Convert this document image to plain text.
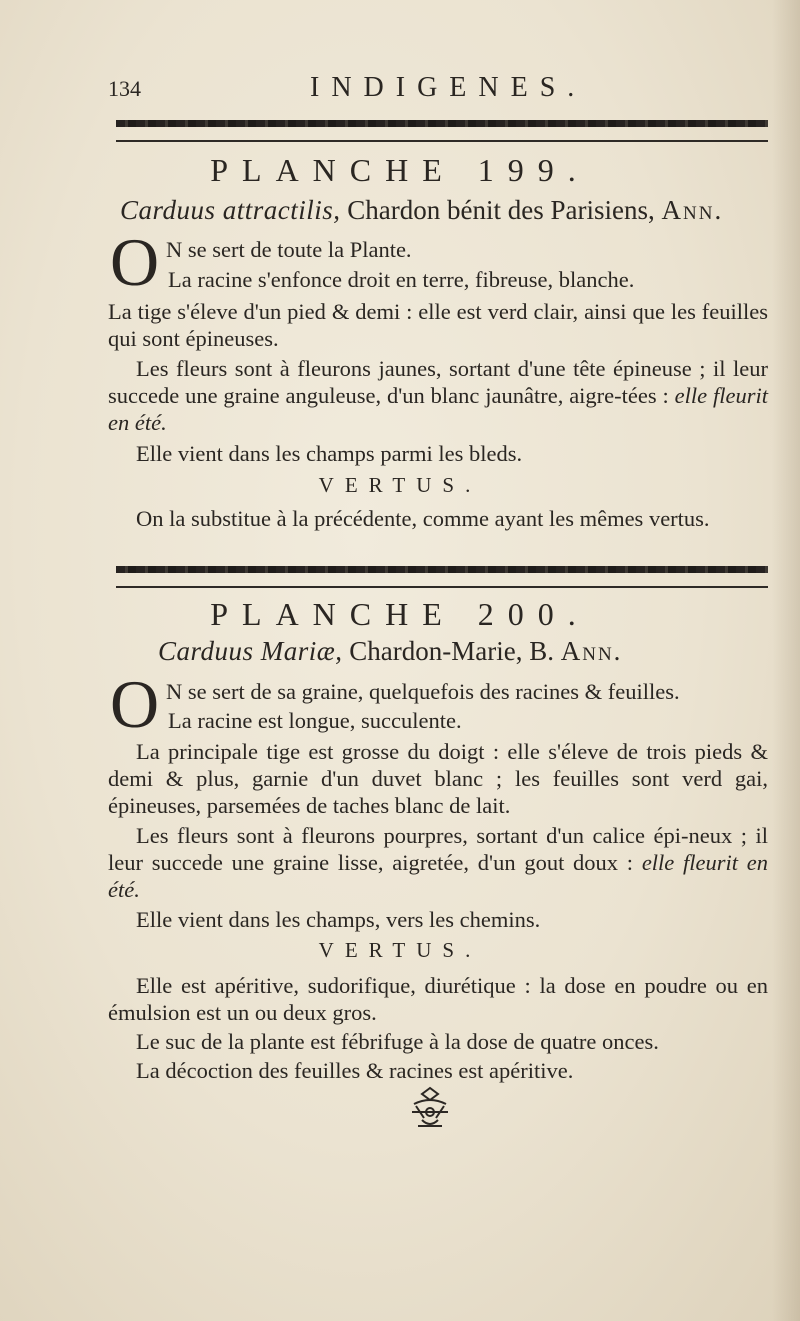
134	INDIGENES.
PLANCHE 199.
Carduus attractilis, Chardon bénit des Parisiens, Ann.
O N se sert de toute la Plante.
La racine s'enfonce droit en terre, fibreuse, blanche.
La tige s'éleve d'un pied & demi : elle est verd clair, ainsi que les feuilles qui sont épineuses.
Les fleurs sont à fleurons jaunes, sortant d'une tête épineuse ; il leur succede une graine anguleuse, d'un blanc jaunâtre, aigre-tées : elle fleurit en été.
Elle vient dans les champs parmi les bleds.
VERTUS.
On la substitue à la précédente, comme ayant les mêmes vertus.
PLANCHE 200.
Carduus Mariæ, Chardon-Marie, B. Ann.
O N se sert de sa graine, quelquefois des racines & feuilles.
La racine est longue, succulente.
La principale tige est grosse du doigt : elle s'éleve de trois pieds & demi & plus, garnie d'un duvet blanc ; les feuilles sont verd gai, épineuses, parsemées de taches blanc de lait.
Les fleurs sont à fleurons pourpres, sortant d'un calice épi-neux ; il leur succede une graine lisse, aigretée, d'un gout doux : elle fleurit en été.
Elle vient dans les champs, vers les chemins.
VERTUS.
Elle est apéritive, sudorifique, diurétique : la dose en poudre ou en émulsion est un ou deux gros.
Le suc de la plante est fébrifuge à la dose de quatre onces.
La décoction des feuilles & racines est apéritive.
